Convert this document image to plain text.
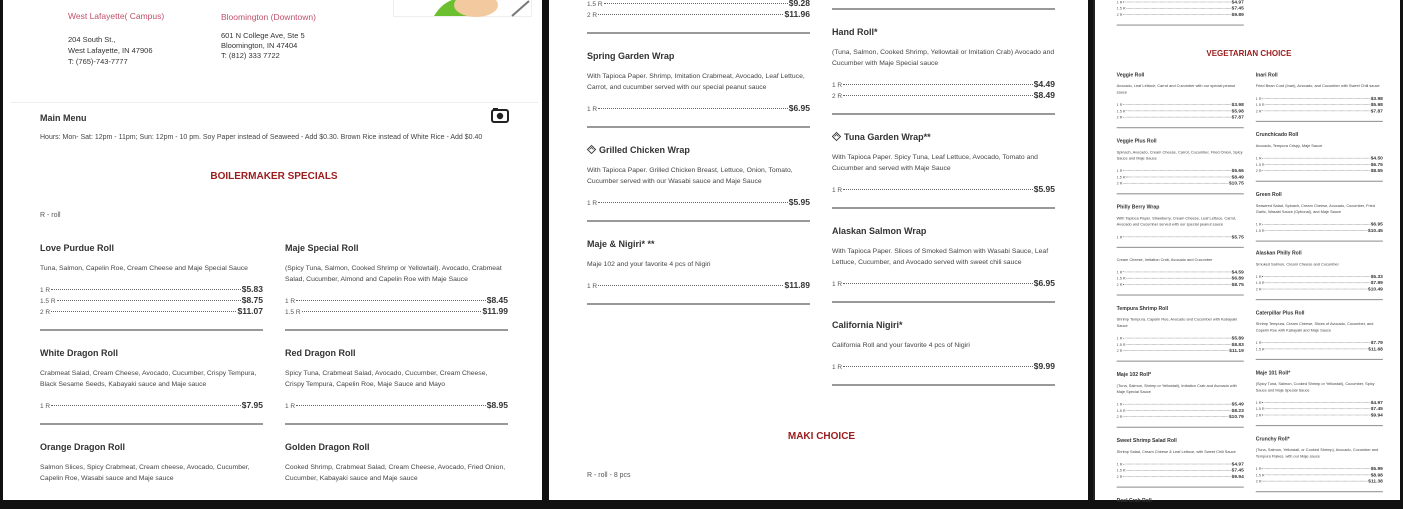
West Lafayette( Campus)
204 South St.,
West Lafayette, IN 47906
T: (765)-743-7777
Bloomington (Downtown)
601 N College Ave, Ste 5
Bloomington, IN 47404
T: (812) 333 7722
Main Menu
Hours: Mon- Sat: 12pm - 11pm; Sun: 12pm - 10 pm. Soy Paper instead of Seaweed - Add $0.30. Brown Rice instead of White Rice - Add $0.40
BOILERMAKER SPECIALS
R - roll
Love Purdue Roll
Tuna, Salmon, Capelin Roe, Cream Cheese and Maje Special Sauce
1 R	$5.83
1.5 R	$8.75
2 R	$11.07
White Dragon Roll
Crabmeat Salad, Cream Cheese, Avocado, Cucumber, Crispy Tempura, Black Sesame Seeds, Kabayaki sauce and Maje sauce
1 R	$7.95
Orange Dragon Roll
Salmon Slices, Spicy Crabmeat, Cream cheese, Avocado, Cucumber, Capelin Roe, Wasabi sauce and Maje sauce
Maje Special Roll
(Spicy Tuna, Salmon, Cooked Shrimp or Yellowtail). Avocado, Crabmeat Salad, Cucumber, Almond and Capelin Roe with Maje Sauce
1 R	$8.45
1.5 R	$11.99
Red Dragon Roll
Spicy Tuna, Crabmeat Salad, Avocado, Cucumber, Cream Cheese, Crispy Tempura, Capelin Roe, Maje Sauce and Mayo
1 R	$8.95
Golden Dragon Roll
Cooked Shrimp, Crabmeat Salad, Cream Cheese, Avocado, Fried Onion, Cucumber, Kabayaki sauce and Maje sauce
1.5 R	$9.28
2 R	$11.96
Spring Garden Wrap
With Tapioca Paper. Shrimp, Imitation Crabmeat, Avocado, Leaf Lettuce, Carrot, and cucumber served with our special peanut sauce
1 R	$6.95
Grilled Chicken Wrap
With Tapioca Paper. Grilled Chicken Breast, Lettuce, Onion, Tomato, Cucumber served with our Wasabi sauce and Maje Sauce
1 R	$5.95
Maje & Nigiri* **
Maje 102 and your favorite 4 pcs of Nigiri
1 R	$11.89
Hand Roll*
(Tuna, Salmon, Cooked Shrimp, Yellowtail or Imitation Crab) Avocado and Cucumber with Maje Special sauce
1 R	$4.49
2 R	$8.49
Tuna Garden Wrap**
With Tapioca Paper. Spicy Tuna, Leaf Lettuce, Avocado, Tomato and Cucumber and served with Maje Sauce
1 R	$5.95
Alaskan Salmon Wrap
With Tapioca Paper. Slices of Smoked Salmon with Wasabi Sauce, Leaf Lettuce, Cucumber, and Avocado served with sweet chili sauce
1 R	$6.95
California Nigiri*
California Roll and your favorite 4 pcs of Nigiri
1 R	$9.99
MAKI CHOICE
R - roll - 8 pcs
1 R	$4.97
1.5 R	$7.45
2 R	$9.89
VEGETARIAN CHOICE
Veggie Roll
Avocado, Leaf Lettuce, Carrot and Cucumber with our special peanut sauce
1 R	$3.98
1.5 R	$5.98
2 R	$7.87
Veggie Plus Roll
Spinach, Avocado, Cream Cheese, Carrot, Cucumber, Fried Onion, Spicy Sauce and Maje Sauce
1 R	$5.66
1.5 R	$8.49
2 R	$10.75
Philly Berry Wrap
With Tapioca Paper. Strawberry, Cream Cheese, Leaf Lettuce, Carrot, Avocado and Cucumber served with our special peanut sauce
1 R	$5.75
Inari Roll
Fried Bean Curd (Inari), Avocado, and Cucumber with Sweet Chili sauce
1 R	$3.98
1.5 R	$5.98
2 R	$7.87
Crunchicado Roll
Avocado, Tempura Crispy, Maje Sauce
1 R	$4.50
1.5 R	$6.75
2 R	$8.55
Green Roll
Seaweed Salad, Spinach, Cream Cheese, Avocado, Cucumber, Fried Garlic, Wasabi Sauce (Optional), and Maje Sauce
1 R	$6.95
1.5 R	$10.45
Cream Cheese, Imitation Crab, Avocado and Cucumber
1 R	$4.59
1.5 R	$6.89
2 R	$8.75
Tempura Shrimp Roll
Shrimp Tempura, Capelin Roe, Avocado and Cucumber with Kabayaki Sauce
1 R	$5.89
1.5 R	$8.83
2 R	$11.19
Maje 102 Roll*
(Tuna, Salmon, Shrimp or Yellowtail), Imitation Crab and Avocado with Maje Special Sauce
1 R	$5.49
1.5 R	$8.23
2 R	$10.79
Sweet Shrimp Salad Roll
Shrimp Salad, Cream Cheese & Leaf Lettuce, with Sweet Chili Sauce
1 R	$4.97
1.5 R	$7.45
2 R	$9.94
Real Crab Roll
Alaskan Philly Roll
Smoked Salmon, Cream Cheese and Cucumber
1 R	$5.33
1.5 R	$7.99
2 R	$10.49
Caterpillar Plus Roll
Shrimp Tempura, Cream Cheese, Slices of Avocado, Cucumber, and Capelin Roe with Kabayaki and Maje Sauce
1 R	$7.79
1.5 R	$11.68
Maje 101 Roll*
(Spicy Tuna, Salmon, Cooked Shrimp or Yellowtail), Cucumber, Spicy Sauce and Maje Special Sauce
1 R	$4.97
1.5 R	$7.45
2 R	$9.94
Crunchy Roll*
(Tuna, Salmon, Yellowtail, or Cooked Shrimp), Avocado, Cucumber and Tempura Flakes, with our Maje sauce
1 R	$5.99
1.5 R	$8.98
2 R	$11.38
